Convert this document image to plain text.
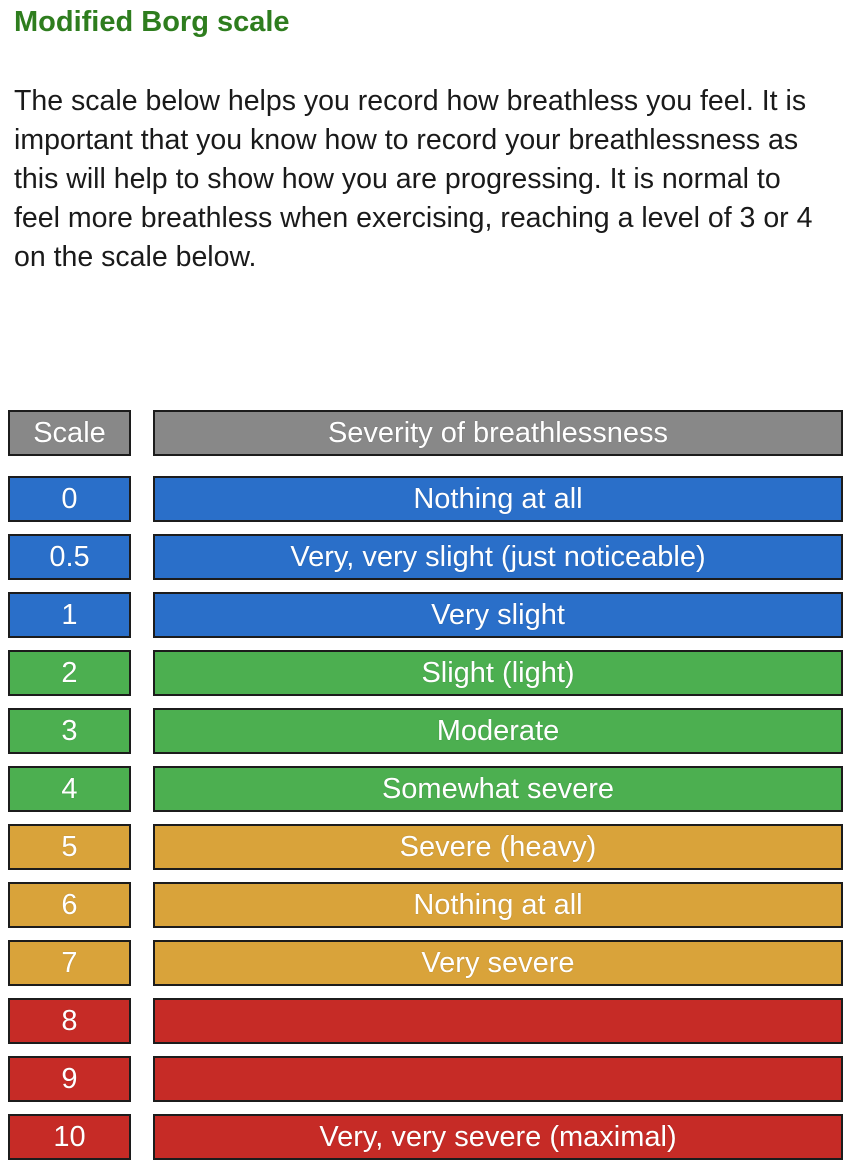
Modified Borg scale

The scale below helps you record how breathless you feel. It is important that you know how to record your breathlessness as this will help to show how you are progressing. It is normal to feel more breathless when exercising, reaching a level of 3 or 4 on the scale below.

Scale	Severity of breathlessness
0	Nothing at all
0.5	Very, very slight (just noticeable)
1	Very slight
2	Slight (light)
3	Moderate
4	Somewhat severe
5	Severe (heavy)
6	Nothing at all
7	Very severe
8
9
10	Very, very severe (maximal)
